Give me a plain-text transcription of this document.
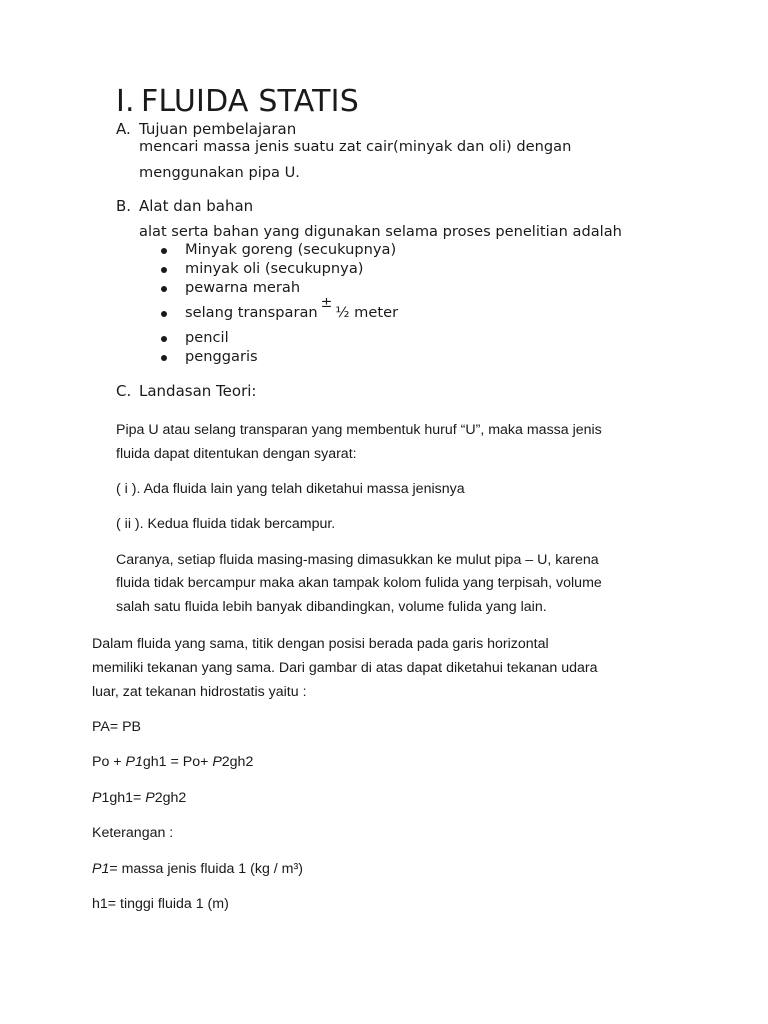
I. FLUIDA STATIS
A. Tujuan pembelajaran
mencari massa jenis suatu zat cair(minyak dan oli) dengan
menggunakan pipa U.
B. Alat dan bahan
alat serta bahan yang digunakan selama proses penelitian adalah
Minyak goreng (secukupnya)
minyak oli (secukupnya)
pewarna merah
selang transparan±½ meter
pencil
penggaris
C. Landasan Teori:
Pipa U atau selang transparan yang membentuk huruf “U”, maka massa jenis
fluida dapat ditentukan dengan syarat:
( i ). Ada fluida lain yang telah diketahui massa jenisnya
( ii ). Kedua fluida tidak bercampur.
Caranya, setiap fluida masing-masing dimasukkan ke mulut pipa – U, karena
fluida tidak bercampur maka akan tampak kolom fulida yang terpisah, volume
salah satu fluida lebih banyak dibandingkan, volume fulida yang lain.
Dalam fluida yang sama, titik dengan posisi berada pada garis horizontal
memiliki tekanan yang sama. Dari gambar di atas dapat diketahui tekanan udara
luar, zat tekanan hidrostatis yaitu :
PA= PB
Po + P1gh1 = Po+ P2gh2
P1gh1= P2gh2
Keterangan :
P1= massa jenis fluida 1 (kg / m³)
h1= tinggi fluida 1 (m)
